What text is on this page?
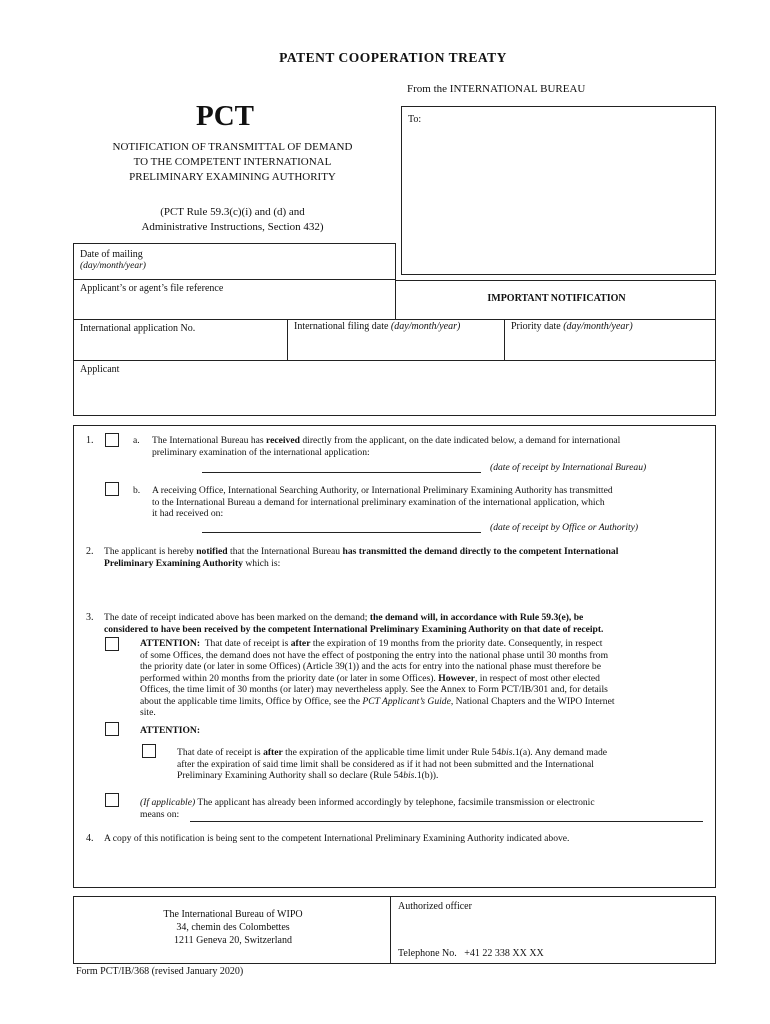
PATENT COOPERATION TREATY
From the INTERNATIONAL BUREAU
PCT
NOTIFICATION OF TRANSMITTAL OF DEMAND
TO THE COMPETENT INTERNATIONAL
PRELIMINARY EXAMINING AUTHORITY
(PCT Rule 59.3(c)(i) and (d) and
Administrative Instructions, Section 432)
To:
Date of mailing
(day/month/year)
Applicant’s or agent’s file reference
IMPORTANT NOTIFICATION
International application No.	International filing date (day/month/year)	Priority date (day/month/year)
Applicant
1.	a. The International Bureau has received directly from the applicant, on the date indicated below, a demand for international
preliminary examination of the international application:
(date of receipt by International Bureau)
b. A receiving Office, International Searching Authority, or International Preliminary Examining Authority has transmitted
to the International Bureau a demand for international preliminary examination of the international application, which
it had received on:
(date of receipt by Office or Authority)
2. The applicant is hereby notified that the International Bureau has transmitted the demand directly to the competent International
Preliminary Examining Authority which is:
3. The date of receipt indicated above has been marked on the demand; the demand will, in accordance with Rule 59.3(e), be
considered to have been received by the competent International Preliminary Examining Authority on that date of receipt.
ATTENTION: That date of receipt is after the expiration of 19 months from the priority date. Consequently, in respect
of some Offices, the demand does not have the effect of postponing the entry into the national phase until 30 months from
the priority date (or later in some Offices) (Article 39(1)) and the acts for entry into the national phase must therefore be
performed within 20 months from the priority date (or later in some Offices). However, in respect of most other elected
Offices, the time limit of 30 months (or later) may nevertheless apply. See the Annex to Form PCT/IB/301 and, for details
about the applicable time limits, Office by Office, see the PCT Applicant’s Guide, National Chapters and the WIPO Internet
site.
ATTENTION:
That date of receipt is after the expiration of the applicable time limit under Rule 54bis.1(a). Any demand made
after the expiration of said time limit shall be considered as if it had not been submitted and the International
Preliminary Examining Authority shall so declare (Rule 54bis.1(b)).
(If applicable) The applicant has already been informed accordingly by telephone, facsimile transmission or electronic
means on:
4. A copy of this notification is being sent to the competent International Preliminary Examining Authority indicated above.
The International Bureau of WIPO
34, chemin des Colombettes
1211 Geneva 20, Switzerland
Authorized officer
Telephone No. +41 22 338 XX XX
Form PCT/IB/368 (revised January 2020)
